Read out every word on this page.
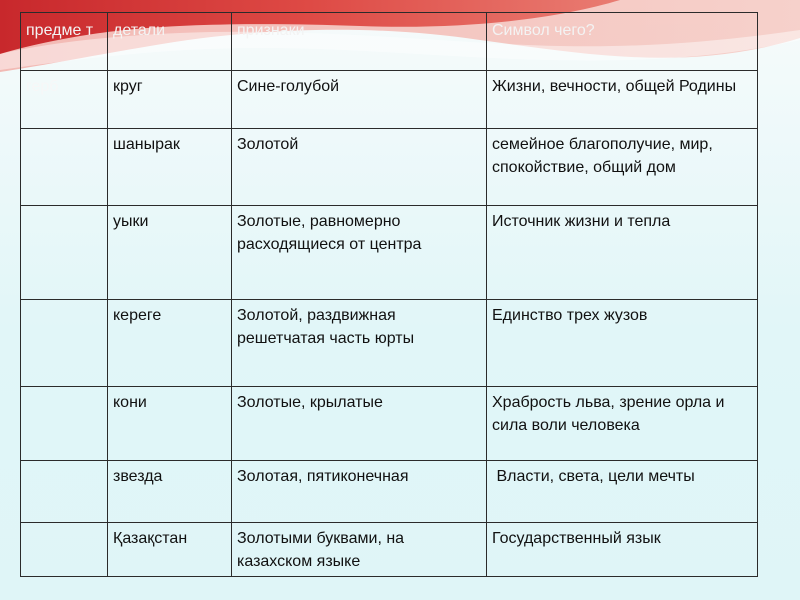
предме т	детали	признаки	Символ чего?
герб	круг	Сине-голубой	Жизни, вечности, общей Родины
	шанырак	Золотой	семейное благополучие, мир, спокойствие, общий дом
	уыки	Золотые, равномерно расходящиеся от центра	Источник жизни и тепла
	кереге	Золотой, раздвижная решетчатая часть юрты	Единство трех жузов
	кони	Золотые, крылатые	Храбрость льва, зрение орла и сила воли человека
	звезда	Золотая, пятиконечная	Власти, света, цели мечты
	Қазақстан	Золотыми буквами, на казахском языке	Государственный язык
